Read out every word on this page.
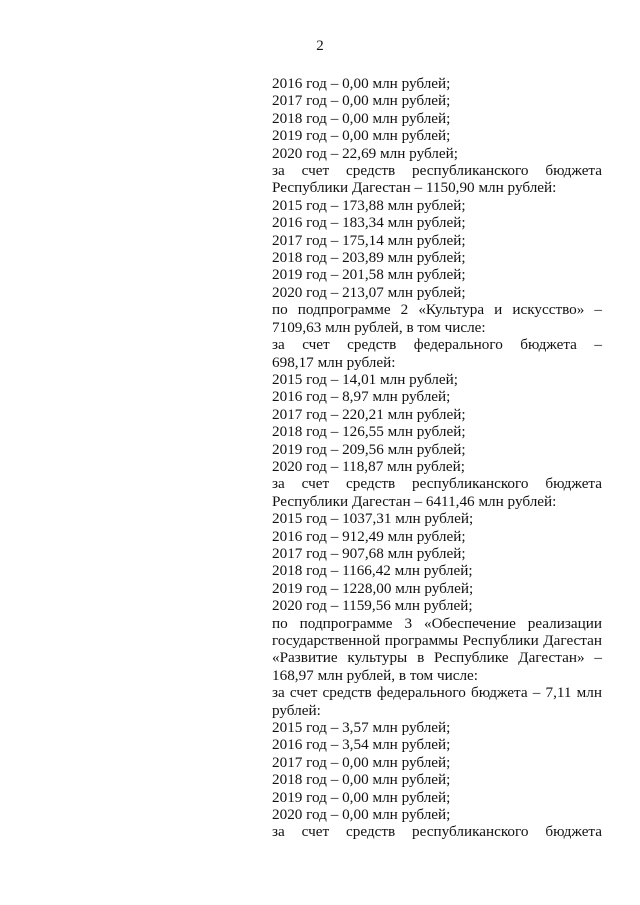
2
2016 год – 0,00 млн рублей;
2017 год – 0,00 млн рублей;
2018 год – 0,00 млн рублей;
2019 год – 0,00 млн рублей;
2020 год – 22,69 млн рублей;
за счет средств республиканского бюджета
Республики Дагестан – 1150,90 млн рублей:
2015 год – 173,88 млн рублей;
2016 год – 183,34 млн рублей;
2017 год – 175,14 млн рублей;
2018 год – 203,89 млн рублей;
2019 год – 201,58 млн рублей;
2020 год – 213,07 млн рублей;
по подпрограмме 2 «Культура и искусство» –
7109,63 млн рублей, в том числе:
за счет средств федерального бюджета –
698,17 млн рублей:
2015 год – 14,01 млн рублей;
2016 год – 8,97 млн рублей;
2017 год – 220,21 млн рублей;
2018 год – 126,55 млн рублей;
2019 год – 209,56 млн рублей;
2020 год – 118,87 млн рублей;
за счет средств республиканского бюджета
Республики Дагестан – 6411,46 млн рублей:
2015 год – 1037,31 млн рублей;
2016 год – 912,49 млн рублей;
2017 год – 907,68 млн рублей;
2018 год – 1166,42 млн рублей;
2019 год – 1228,00 млн рублей;
2020 год – 1159,56 млн рублей;
по подпрограмме 3 «Обеспечение реализации
государственной программы Республики Дагестан
«Развитие культуры в Республике Дагестан» –
168,97 млн рублей, в том числе:
за счет средств федерального бюджета – 7,11 млн
рублей:
2015 год – 3,57 млн рублей;
2016 год – 3,54 млн рублей;
2017 год – 0,00 млн рублей;
2018 год – 0,00 млн рублей;
2019 год – 0,00 млн рублей;
2020 год – 0,00 млн рублей;
за счет средств республиканского бюджета
